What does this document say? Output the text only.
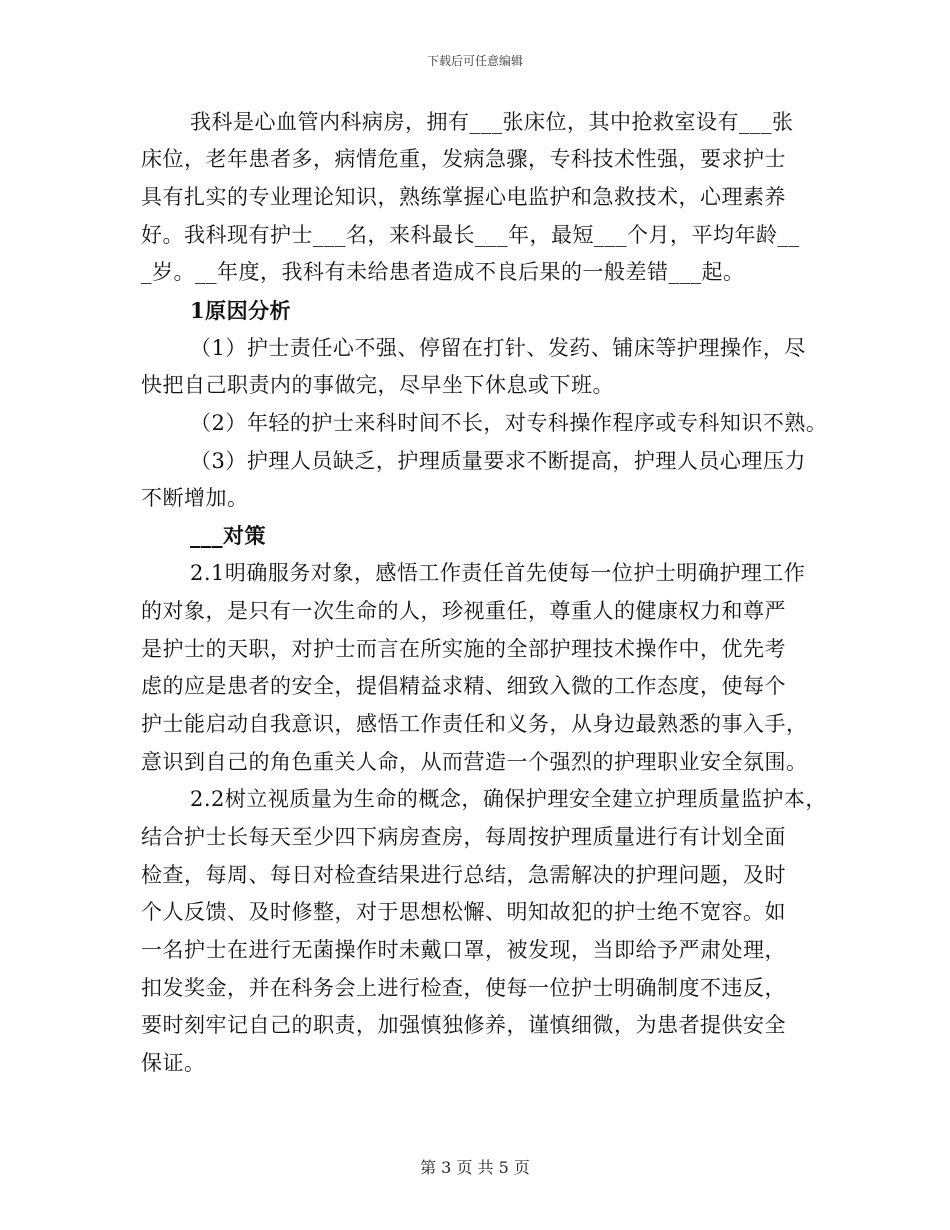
下载后可任意编辑
我科是心血管内科病房，拥有___张床位，其中抢救室设有___张
床位，老年患者多，病情危重，发病急骤，专科技术性强，要求护士
具有扎实的专业理论知识，熟练掌握心电监护和急救技术，心理素养
好。我科现有护士___名，来科最长___年，最短___个月，平均年龄__
_岁。__年度，我科有未给患者造成不良后果的一般差错___起。
1原因分析
（1）护士责任心不强、停留在打针、发药、铺床等护理操作，尽
快把自己职责内的事做完，尽早坐下休息或下班。
（2）年轻的护士来科时间不长，对专科操作程序或专科知识不熟。
（3）护理人员缺乏，护理质量要求不断提高，护理人员心理压力
不断增加。
___对策
2.1明确服务对象，感悟工作责任首先使每一位护士明确护理工作
的对象，是只有一次生命的人，珍视重任，尊重人的健康权力和尊严
是护士的天职，对护士而言在所实施的全部护理技术操作中，优先考
虑的应是患者的安全，提倡精益求精、细致入微的工作态度，使每个
护士能启动自我意识，感悟工作责任和义务，从身边最熟悉的事入手，
意识到自己的角色重关人命，从而营造一个强烈的护理职业安全氛围。
2.2树立视质量为生命的概念，确保护理安全建立护理质量监护本，
结合护士长每天至少四下病房查房，每周按护理质量进行有计划全面
检查，每周、每日对检查结果进行总结，急需解决的护理问题，及时
个人反馈、及时修整，对于思想松懈、明知故犯的护士绝不宽容。如
一名护士在进行无菌操作时未戴口罩，被发现，当即给予严肃处理，
扣发奖金，并在科务会上进行检查，使每一位护士明确制度不违反，
要时刻牢记自己的职责，加强慎独修养，谨慎细微，为患者提供安全
保证。
第 3 页 共 5 页
